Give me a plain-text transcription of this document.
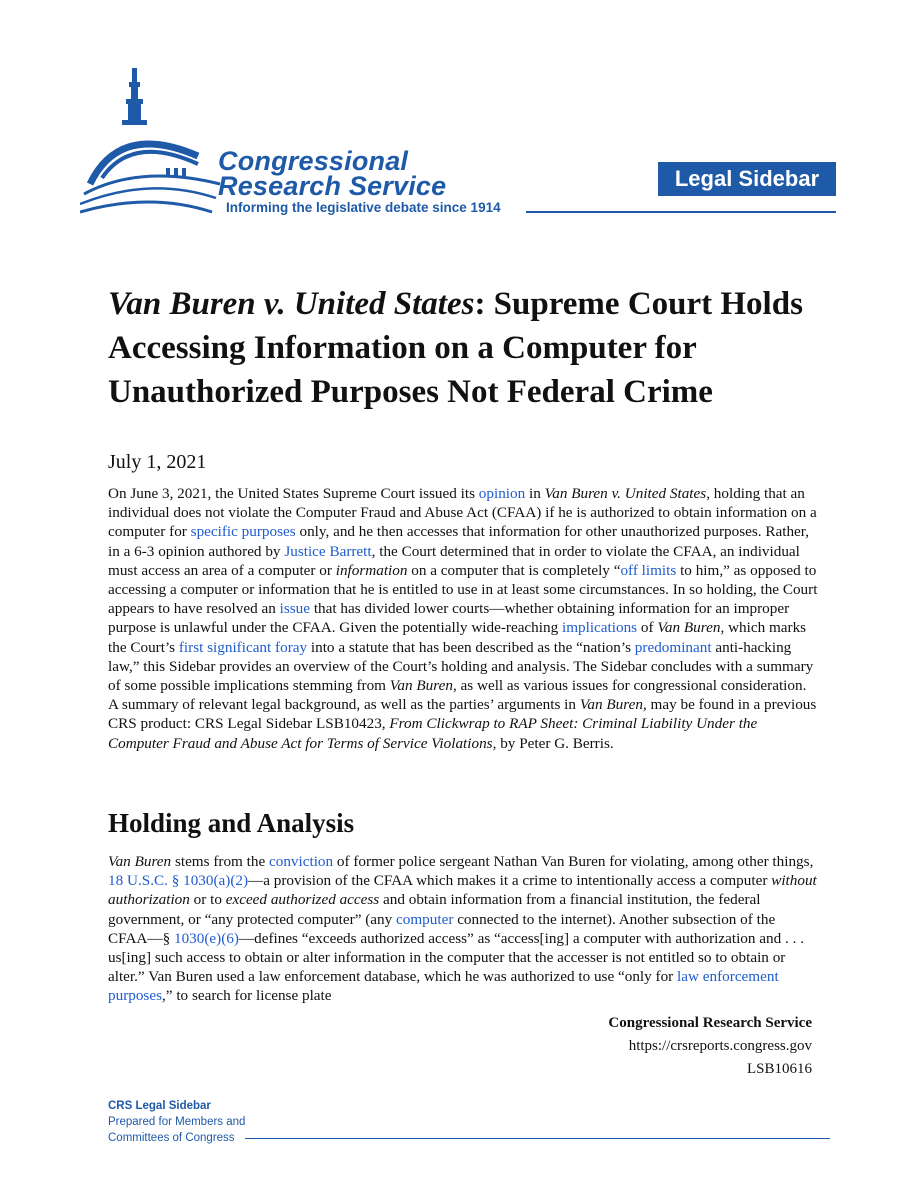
Congressional
Research Service
Informing the legislative debate since 1914
Legal Sidebar
Van Buren v. United States: Supreme Court Holds Accessing Information on a Computer for Unauthorized Purposes Not Federal Crime
July 1, 2021

On June 3, 2021, the United States Supreme Court issued its opinion in Van Buren v. United States, holding that an individual does not violate the Computer Fraud and Abuse Act (CFAA) if he is authorized to obtain information on a computer for specific purposes only, and he then accesses that information for other unauthorized purposes. Rather, in a 6-3 opinion authored by Justice Barrett, the Court determined that in order to violate the CFAA, an individual must access an area of a computer or information on a computer that is completely “off limits to him,” as opposed to accessing a computer or information that he is entitled to use in at least some circumstances. In so holding, the Court appears to have resolved an issue that has divided lower courts—whether obtaining information for an improper purpose is unlawful under the CFAA. Given the potentially wide-reaching implications of Van Buren, which marks the Court’s first significant foray into a statute that has been described as the “nation’s predominant anti-hacking law,” this Sidebar provides an overview of the Court’s holding and analysis. The Sidebar concludes with a summary of some possible implications stemming from Van Buren, as well as various issues for congressional consideration. A summary of relevant legal background, as well as the parties’ arguments in Van Buren, may be found in a previous CRS product: CRS Legal Sidebar LSB10423, From Clickwrap to RAP Sheet: Criminal Liability Under the Computer Fraud and Abuse Act for Terms of Service Violations, by Peter G. Berris.

Holding and Analysis

Van Buren stems from the conviction of former police sergeant Nathan Van Buren for violating, among other things, 18 U.S.C. § 1030(a)(2)—a provision of the CFAA which makes it a crime to intentionally access a computer without authorization or to exceed authorized access and obtain information from a financial institution, the federal government, or “any protected computer” (any computer connected to the internet). Another subsection of the CFAA—§ 1030(e)(6)—defines “exceeds authorized access” as “access[ing] a computer with authorization and . . . us[ing] such access to obtain or alter information in the computer that the accesser is not entitled so to obtain or alter.” Van Buren used a law enforcement database, which he was authorized to use “only for law enforcement purposes,” to search for license plate

Congressional Research Service
https://crsreports.congress.gov
LSB10616
CRS Legal Sidebar
Prepared for Members and
Committees of Congress
